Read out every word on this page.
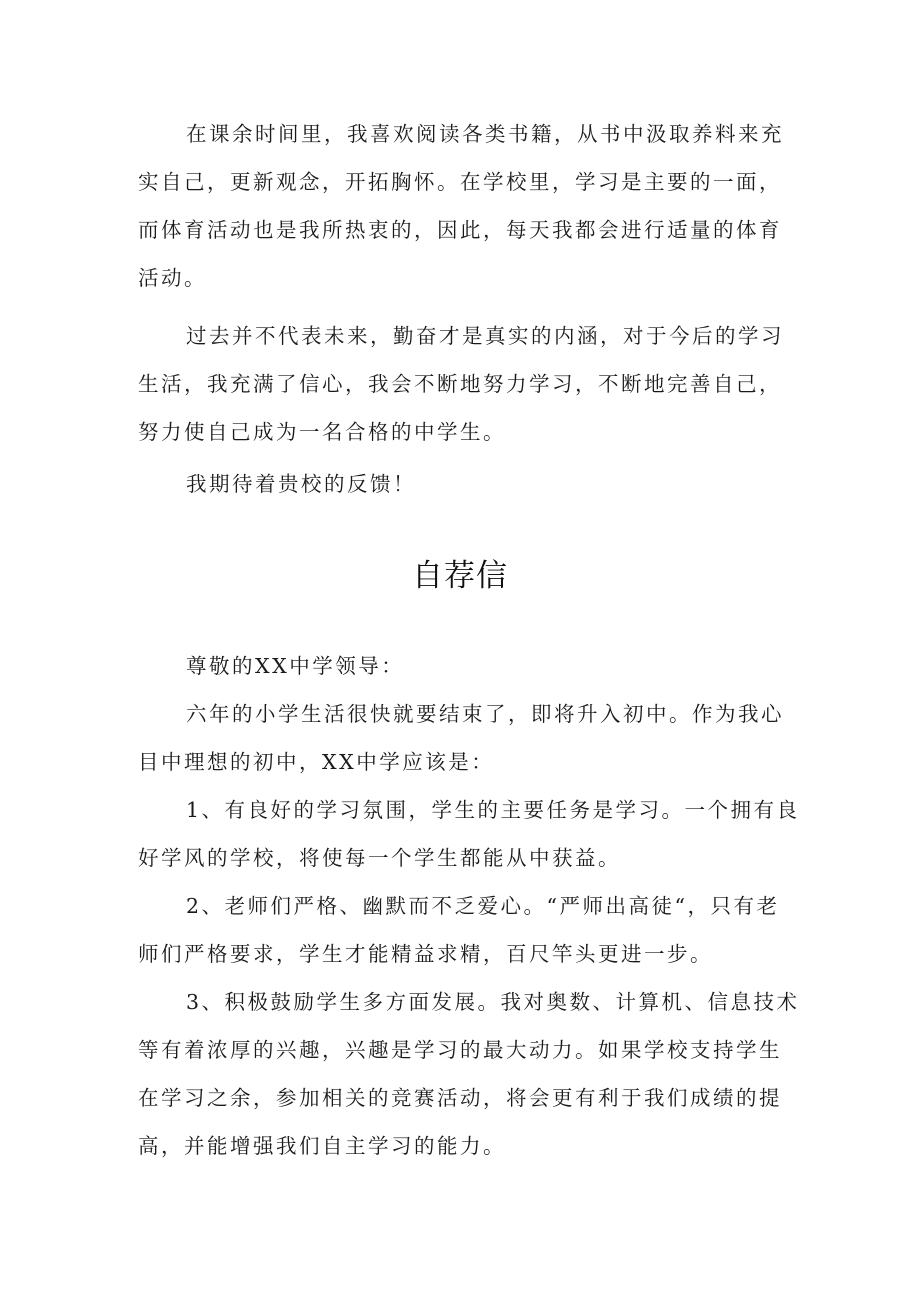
在课余时间里，我喜欢阅读各类书籍，从书中汲取养料来充
实自己，更新观念，开拓胸怀。在学校里，学习是主要的一面，
而体育活动也是我所热衷的，因此，每天我都会进行适量的体育
活动。
过去并不代表未来，勤奋才是真实的内涵，对于今后的学习
生活，我充满了信心，我会不断地努力学习，不断地完善自己，
努力使自己成为一名合格的中学生。
我期待着贵校的反馈！
自荐信
尊敬的XX中学领导：
六年的小学生活很快就要结束了，即将升入初中。作为我心
目中理想的初中，XX中学应该是：
1、有良好的学习氛围，学生的主要任务是学习。一个拥有良
好学风的学校，将使每一个学生都能从中获益。
2、老师们严格、幽默而不乏爱心。“严师出高徒“，只有老
师们严格要求，学生才能精益求精，百尺竿头更进一步。
3、积极鼓励学生多方面发展。我对奥数、计算机、信息技术
等有着浓厚的兴趣，兴趣是学习的最大动力。如果学校支持学生
在学习之余，参加相关的竞赛活动，将会更有利于我们成绩的提
高，并能增强我们自主学习的能力。
